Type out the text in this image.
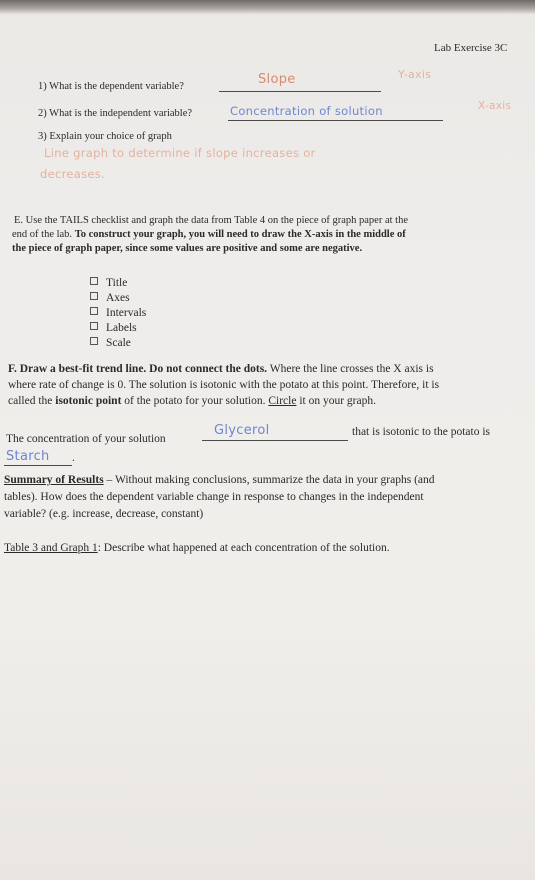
Lab Exercise 3C
1) What is the dependent variable?	Slope	Y-axis
2) What is the independent variable?	Concentration of solution	X-axis
3) Explain your choice of graph
Line graph to determine if slope increases or
decreases.
E. Use the TAILS checklist and graph the data from Table 4 on the piece of graph paper at the
end of the lab. To construct your graph, you will need to draw the X-axis in the middle of
the piece of graph paper, since some values are positive and some are negative.
Title
Axes
Intervals
Labels
Scale
F. Draw a best-fit trend line. Do not connect the dots. Where the line crosses the X axis is
where rate of change is 0. The solution is isotonic with the potato at this point. Therefore, it is
called the isotonic point of the potato for your solution. Circle it on your graph.
The concentration of your solution
Glycerol	that is isotonic to the potato is
Starch .
Summary of Results – Without making conclusions, summarize the data in your graphs (and
tables). How does the dependent variable change in response to changes in the independent
variable? (e.g. increase, decrease, constant)
Table 3 and Graph 1: Describe what happened at each concentration of the solution.
